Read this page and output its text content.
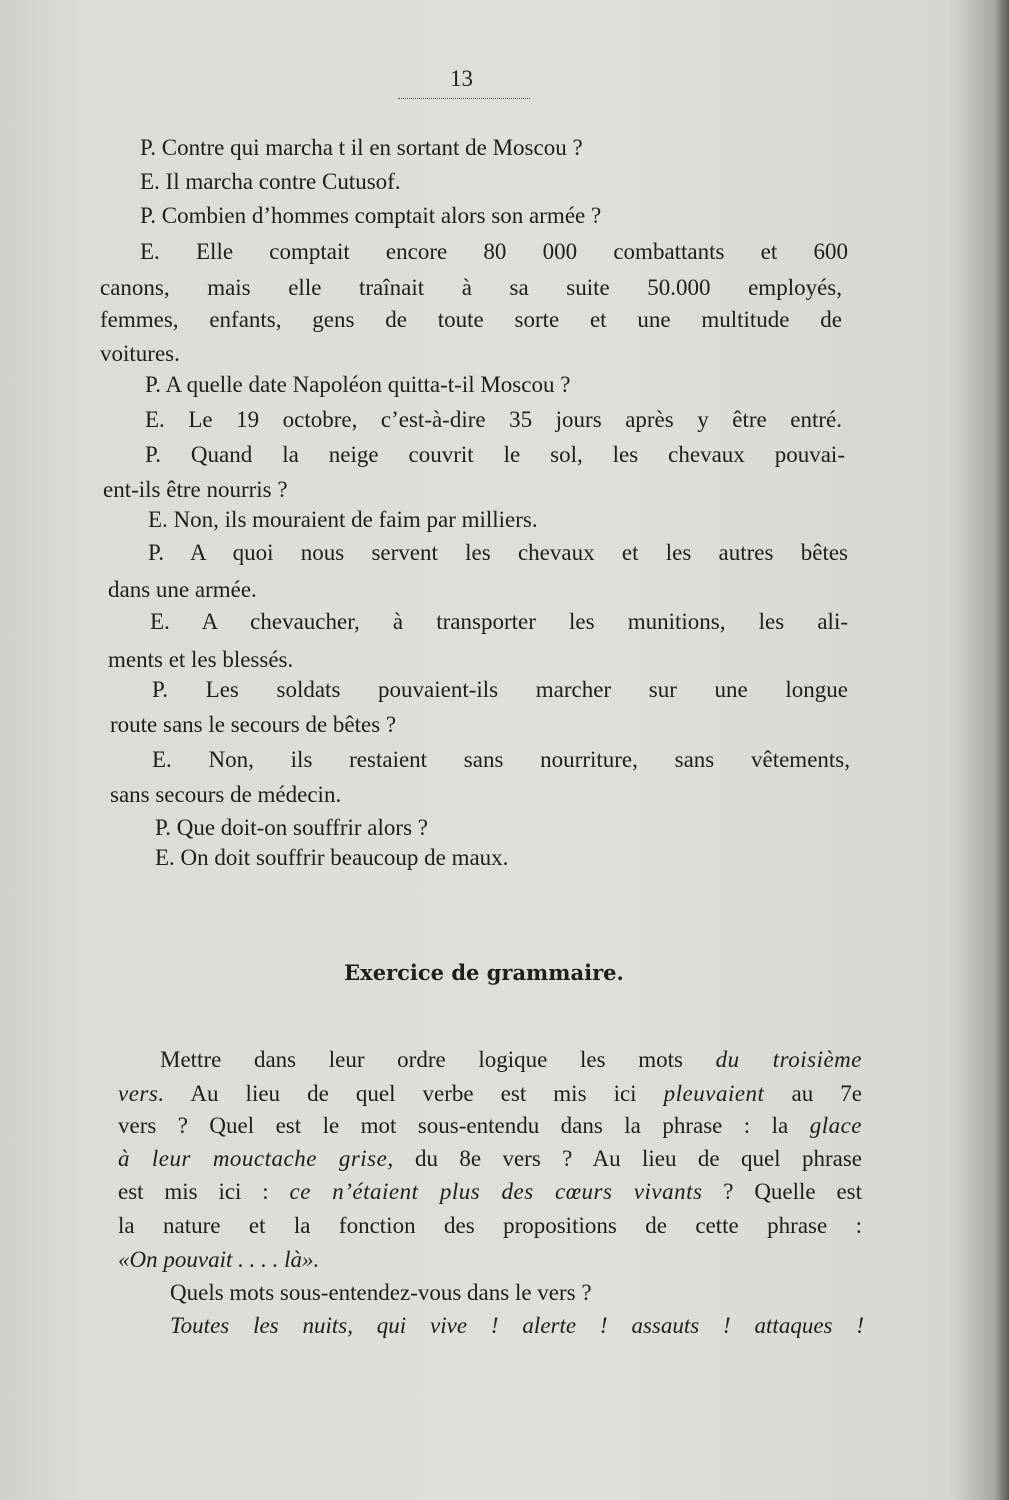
13
P. Contre qui marcha t il en sortant de Moscou ?
E. Il marcha contre Cutusof.
P. Combien d’hommes comptait alors son armée ?
E. Elle comptait encore 80 000 combattants et 600
canons, mais elle traînait à sa suite 50.000 employés,
femmes, enfants, gens de toute sorte et une multitude de
voitures.
P. A quelle date Napoléon quitta-t-il Moscou ?
E. Le 19 octobre, c’est-à-dire 35 jours après y être entré.
P. Quand la neige couvrit le sol, les chevaux pouvai-
ent-ils être nourris ?
E. Non, ils mouraient de faim par milliers.
P. A quoi nous servent les chevaux et les autres bêtes
dans une armée.
E. A chevaucher, à transporter les munitions, les ali-
ments et les blessés.
P. Les soldats pouvaient-ils marcher sur une longue
route sans le secours de bêtes ?
E. Non, ils restaient sans nourriture, sans vêtements,
sans secours de médecin.
P. Que doit-on souffrir alors ?
E. On doit souffrir beaucoup de maux.
Exercice de grammaire.
Mettre dans leur ordre logique les mots du troisième
vers. Au lieu de quel verbe est mis ici pleuvaient au 7e
vers ? Quel est le mot sous-entendu dans la phrase : la glace
à leur mouctache grise, du 8e vers ? Au lieu de quel phrase
est mis ici : ce n’étaient plus des cœurs vivants ? Quelle est
la nature et la fonction des propositions de cette phrase :
«On pouvait . . . . là».
Quels mots sous-entendez-vous dans le vers ?
Toutes les nuits, qui vive ! alerte ! assauts ! attaques !
